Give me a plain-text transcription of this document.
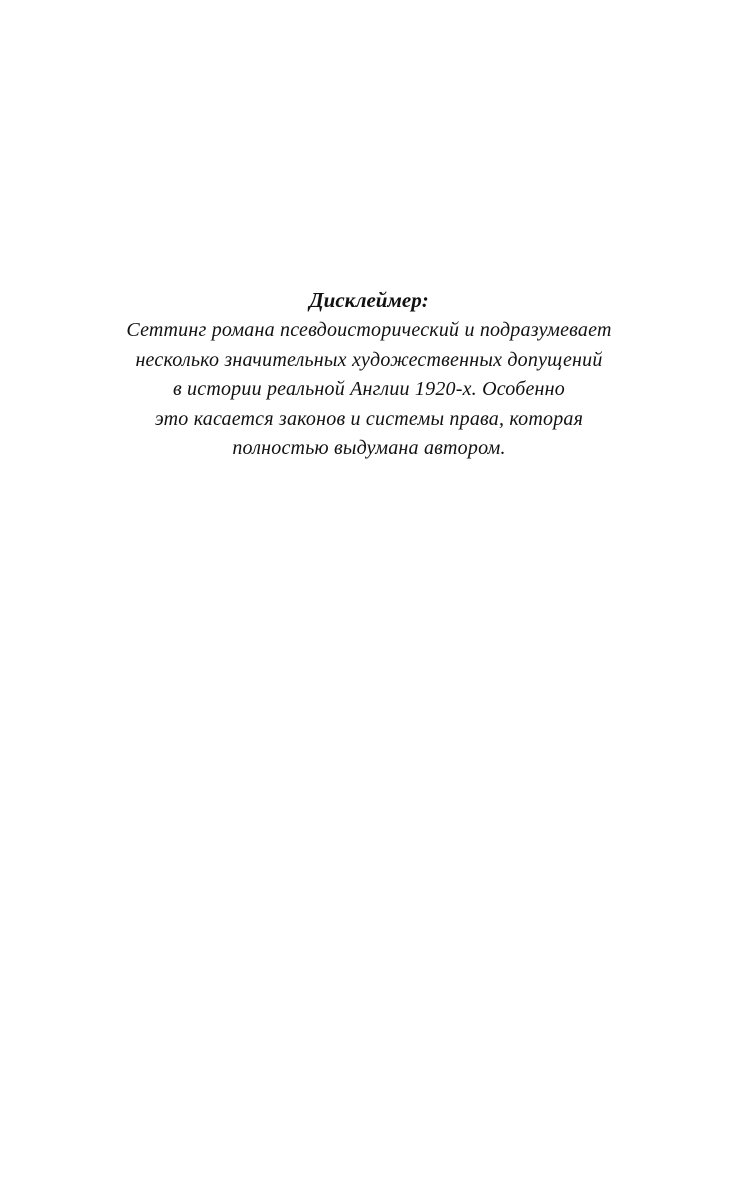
Дисклеймер:

Сеттинг романа псевдоисторический и подразумевает

несколько значительных художественных допущений

в истории реальной Англии 1920-х. Особенно

это касается законов и системы права, которая

полностью выдумана автором.
